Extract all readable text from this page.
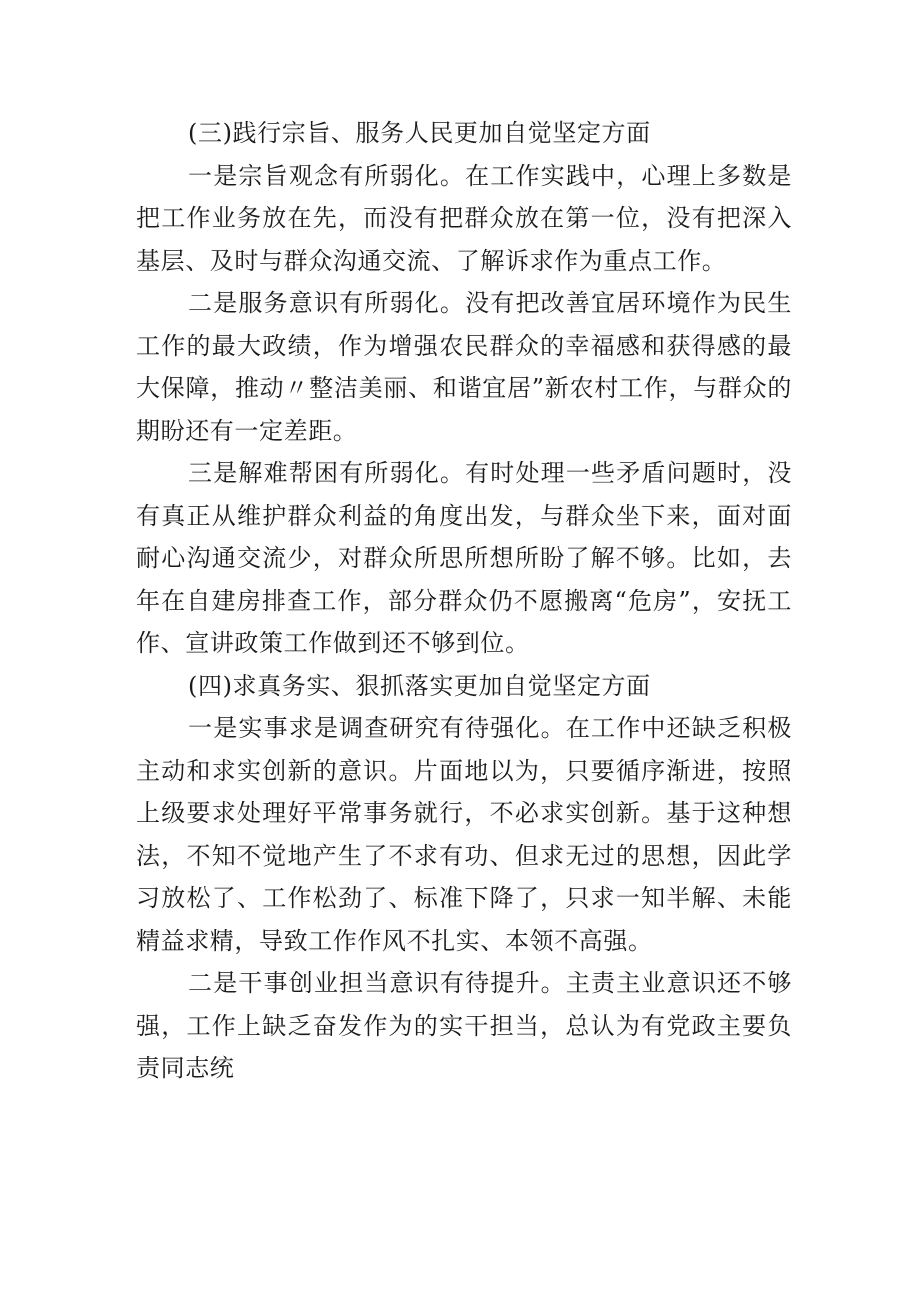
(三)践行宗旨、服务人民更加自觉坚定方面

一是宗旨观念有所弱化。在工作实践中，心理上多数是把工作业务放在先，而没有把群众放在第一位，没有把深入基层、及时与群众沟通交流、了解诉求作为重点工作。

二是服务意识有所弱化。没有把改善宜居环境作为民生工作的最大政绩，作为增强农民群众的幸福感和获得感的最大保障，推动〃整洁美丽、和谐宜居”新农村工作，与群众的期盼还有一定差距。

三是解难帮困有所弱化。有时处理一些矛盾问题时，没有真正从维护群众利益的角度出发，与群众坐下来，面对面耐心沟通交流少，对群众所思所想所盼了解不够。比如，去年在自建房排查工作，部分群众仍不愿搬离“危房”，安抚工作、宣讲政策工作做到还不够到位。

(四)求真务实、狠抓落实更加自觉坚定方面

一是实事求是调查研究有待强化。在工作中还缺乏积极主动和求实创新的意识。片面地以为，只要循序渐进，按照上级要求处理好平常事务就行，不必求实创新。基于这种想法，不知不觉地产生了不求有功、但求无过的思想，因此学习放松了、工作松劲了、标准下降了，只求一知半解、未能精益求精，导致工作作风不扎实、本领不高强。

二是干事创业担当意识有待提升。主责主业意识还不够强，工作上缺乏奋发作为的实干担当，总认为有党政主要负责同志统
